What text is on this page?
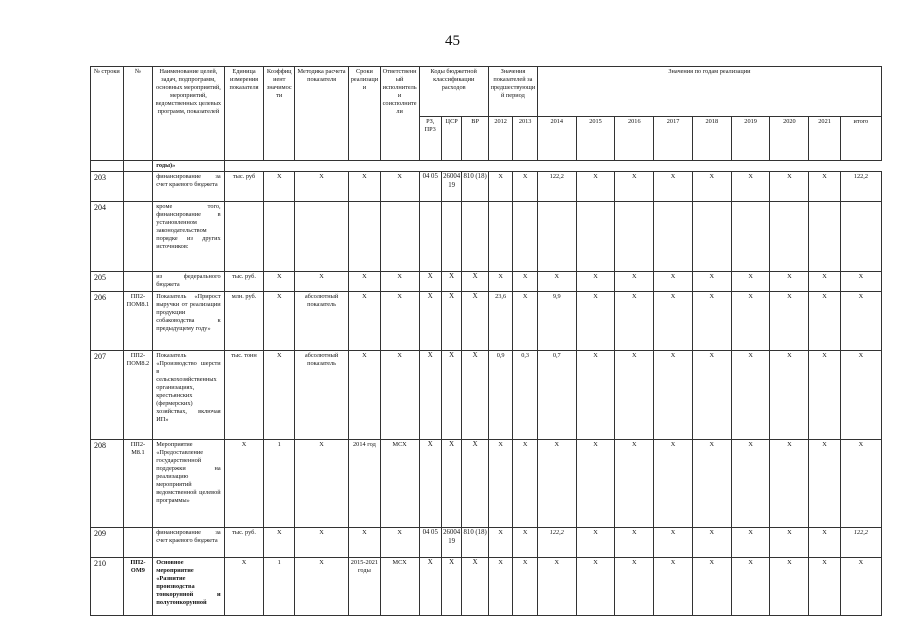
45
№ строки	№	Наименование целей, задач, подпрограмм, основных мероприятий, мероприятий, ведомственных целевых программ, показателей	Единица измерения показателя	Коэффициент значимости	Методика расчета показателя	Сроки реализации	Ответственный исполнитель и соисполнители	Коды бюджетной классификации расходов			Значения показателей за предшествующий период		Значения по годам реализации								
								РЗ, ПР3	ЦСР	ВР	2012	2013	2014	2015	2016	2017	2018	2019	2020	2021	итого
		годы)»																			
203		финансирование за счет краевого бюджета	тыс. руб	Х	Х	Х	Х	04 05	26004 19	810 (18)	Х	Х	122,2	Х	Х	Х	Х	Х	Х	Х	122,2
204		кроме того, финансирование в установленном законодательством порядке из других источников:																			
205		из федерального бюджета	тыс. руб.	Х	Х	Х	Х	Х	Х	Х	Х	Х	Х	Х	Х	Х	Х	Х	Х	Х	Х
206	ПП2-ПОМ8.1	Показатель «Прирост выручки от реализации продукции собаководства к предыдущему году»	млн. руб.	Х	абсолютный показатель	Х	Х	Х	Х	Х	23,6	Х	9,9	Х	Х	Х	Х	Х	Х	Х	Х
207	ПП2-ПОМ8.2	Показатель «Производство шерсти в сельскохозяйственных организациях, крестьянских (фермерских) хозяйствах, включая ИП»	тыс. тонн	Х	абсолютный показатель	Х	Х	Х	Х	Х	0,9	0,3	0,7	Х	Х	Х	Х	Х	Х	Х	Х
208	ПП2-М8.1	Мероприятие «Предоставление государственной поддержки на реализацию мероприятий ведомственной целевой программы»	Х	1	Х	2014 год	МСХ	Х	Х	Х	Х	Х	Х	Х	Х	Х	Х	Х	Х	Х	Х
209		финансирование за счет краевого бюджета	тыс. руб.	Х	Х	Х	Х	04 05	26004 19	810 (18)	Х	Х	122,2	Х	Х	Х	Х	Х	Х	Х	122,2
210	ПП2-ОМ9	Основное мероприятие «Развитие производства тонкорунной и полутонкорунной	Х	1	Х	2015-2021 годы	МСХ	Х	Х	Х	Х	Х	Х	Х	Х	Х	Х	Х	Х	Х	Х
